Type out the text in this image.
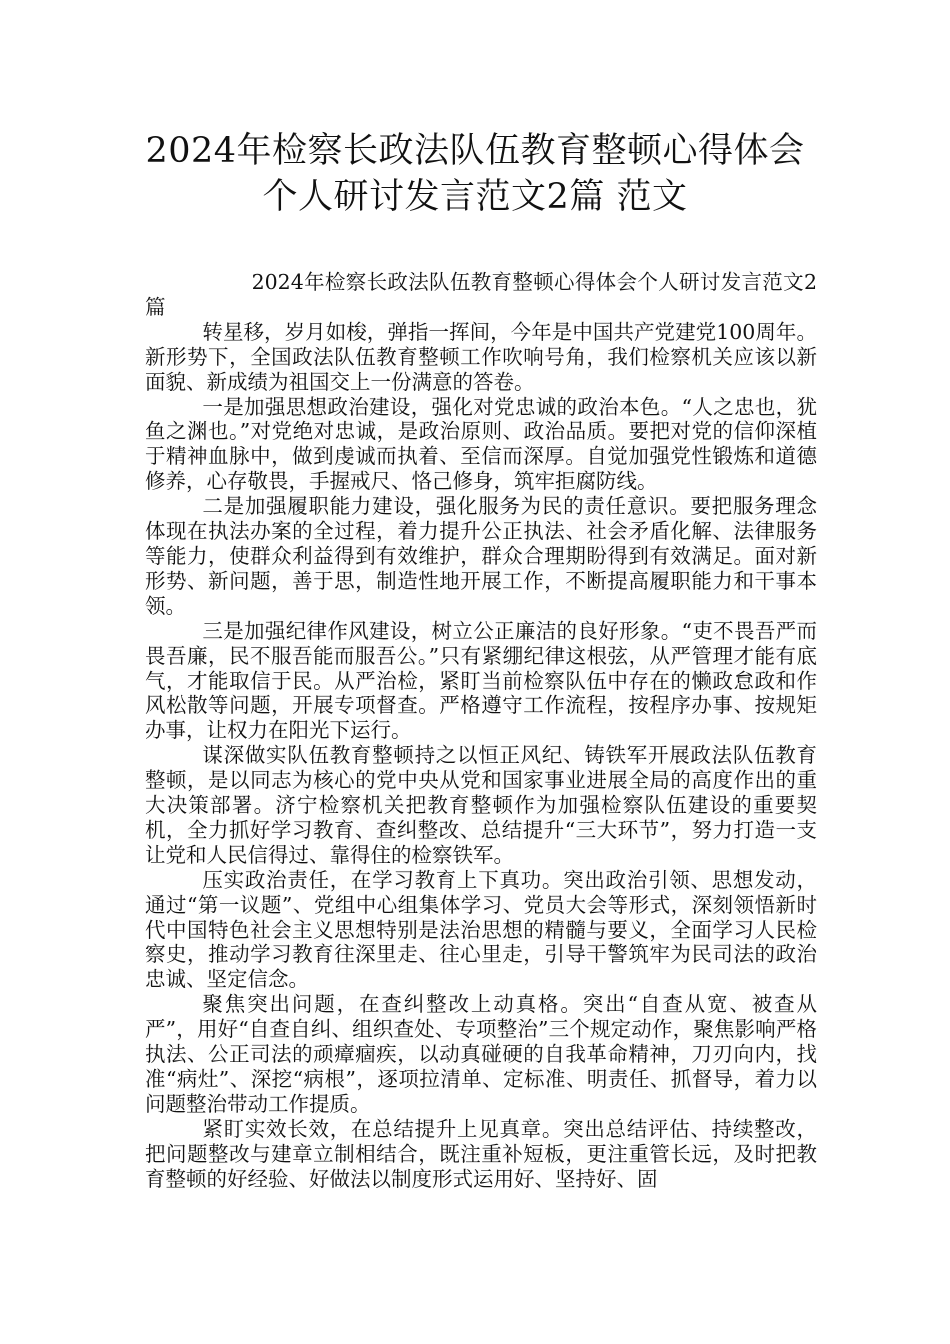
2024年检察长政法队伍教育整顿心得体会
个人研讨发言范文2篇 范文

2024年检察长政法队伍教育整顿心得体会个人研讨发言范文2篇

转星移，岁月如梭，弹指一挥间，今年是中国共产党建党100周年。新形势下，全国政法队伍教育整顿工作吹响号角，我们检察机关应该以新面貌、新成绩为祖国交上一份满意的答卷。

一是加强思想政治建设，强化对党忠诚的政治本色。“人之忠也，犹鱼之渊也。”对党绝对忠诚，是政治原则、政治品质。要把对党的信仰深植于精神血脉中，做到虔诚而执着、至信而深厚。自觉加强党性锻炼和道德修养，心存敬畏，手握戒尺、恪己修身，筑牢拒腐防线。

二是加强履职能力建设，强化服务为民的责任意识。要把服务理念体现在执法办案的全过程，着力提升公正执法、社会矛盾化解、法律服务等能力，使群众利益得到有效维护，群众合理期盼得到有效满足。面对新形势、新问题，善于思，制造性地开展工作，不断提高履职能力和干事本领。

三是加强纪律作风建设，树立公正廉洁的良好形象。“吏不畏吾严而畏吾廉，民不服吾能而服吾公。”只有紧绷纪律这根弦，从严管理才能有底气，才能取信于民。从严治检，紧盯当前检察队伍中存在的懒政怠政和作风松散等问题，开展专项督查。严格遵守工作流程，按程序办事、按规矩办事，让权力在阳光下运行。

谋深做实队伍教育整顿持之以恒正风纪、铸铁军开展政法队伍教育整顿，是以同志为核心的党中央从党和国家事业进展全局的高度作出的重大决策部署。济宁检察机关把教育整顿作为加强检察队伍建设的重要契机，全力抓好学习教育、查纠整改、总结提升“三大环节”，努力打造一支让党和人民信得过、靠得住的检察铁军。

压实政治责任，在学习教育上下真功。突出政治引领、思想发动，通过“第一议题”、党组中心组集体学习、党员大会等形式，深刻领悟新时代中国特色社会主义思想特别是法治思想的精髓与要义，全面学习人民检察史，推动学习教育往深里走、往心里走，引导干警筑牢为民司法的政治忠诚、坚定信念。

聚焦突出问题，在查纠整改上动真格。突出“自查从宽、被查从严”，用好“自查自纠、组织查处、专项整治”三个规定动作，聚焦影响严格执法、公正司法的顽瘴痼疾，以动真碰硬的自我革命精神，刀刃向内，找准“病灶”、深挖“病根”，逐项拉清单、定标准、明责任、抓督导，着力以问题整治带动工作提质。

紧盯实效长效，在总结提升上见真章。突出总结评估、持续整改，把问题整改与建章立制相结合，既注重补短板，更注重管长远，及时把教育整顿的好经验、好做法以制度形式运用好、坚持好、固
